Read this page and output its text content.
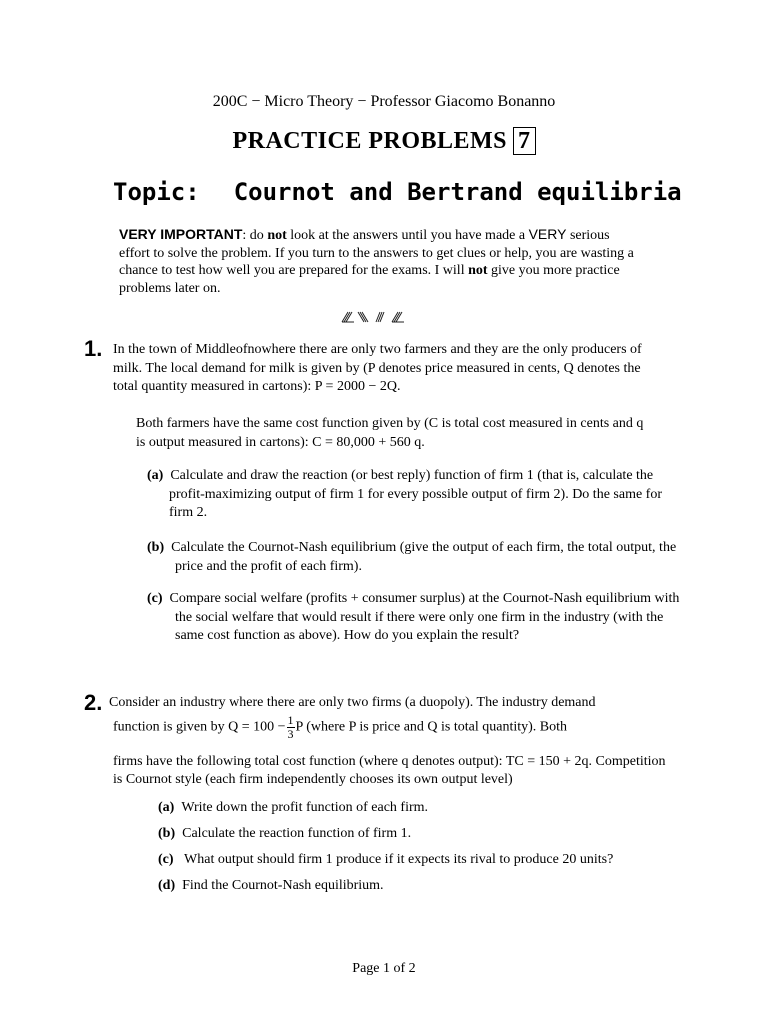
200C − Micro Theory − Professor Giacomo Bonanno
PRACTICE PROBLEMS 7
Topic: Cournot and Bertrand equilibria
VERY IMPORTANT: do not look at the answers until you have made a VERY serious effort to solve the problem. If you turn to the answers to get clues or help, you are wasting a chance to test how well you are prepared for the exams. I will not give you more practice problems later on.
1. In the town of Middleofnowhere there are only two farmers and they are the only producers of milk. The local demand for milk is given by (P denotes price measured in cents, Q denotes the total quantity measured in cartons): P = 2000 − 2Q.
Both farmers have the same cost function given by (C is total cost measured in cents and q is output measured in cartons): C = 80,000 + 560 q.
(a) Calculate and draw the reaction (or best reply) function of firm 1 (that is, calculate the profit-maximizing output of firm 1 for every possible output of firm 2). Do the same for firm 2.
(b) Calculate the Cournot-Nash equilibrium (give the output of each firm, the total output, the price and the profit of each firm).
(c) Compare social welfare (profits + consumer surplus) at the Cournot-Nash equilibrium with the social welfare that would result if there were only one firm in the industry (with the same cost function as above). How do you explain the result?
2. Consider an industry where there are only two firms (a duopoly). The industry demand
function is given by $Q = 100 - \frac{1}{3}$ P (where P is price and Q is total quantity). Both
firms have the following total cost function (where q denotes output): TC = 150 + 2q. Competition is Cournot style (each firm independently chooses its own output level)
(a) Write down the profit function of each firm.
(b) Calculate the reaction function of firm 1.
(c) What output should firm 1 produce if it expects its rival to produce 20 units?
(d) Find the Cournot-Nash equilibrium.
Page 1 of 2
